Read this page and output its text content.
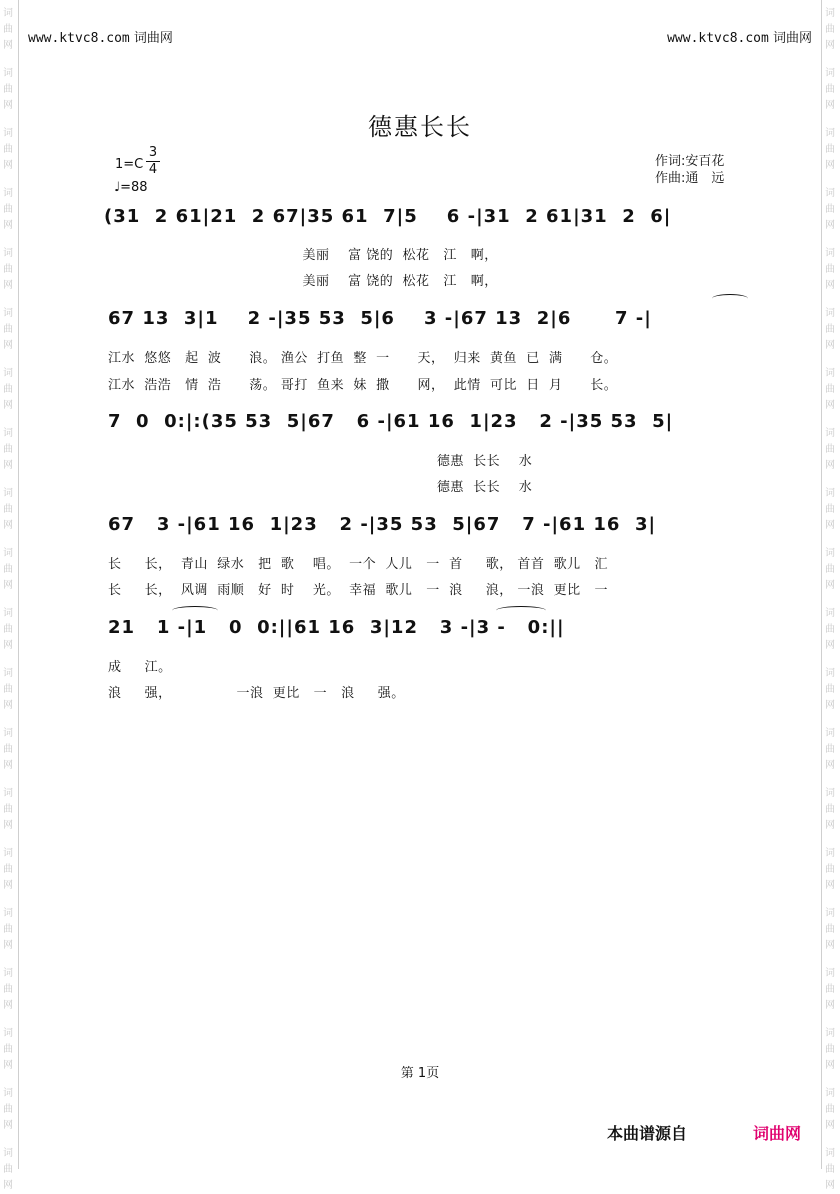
词
曲
网
词
曲
网
词
曲
网
词
曲
网
词
曲
网
词
曲
网
词
曲
网
词
曲
网
词
曲
网
词
曲
网
词
曲
网
词
曲
网
词
曲
网
词
曲
网
词
曲
网
词
曲
网
词
曲
网
词
曲
网
词
曲
网
词
曲
网
词
曲
网
词
曲
网
词
曲
网
词
曲
网
词
曲
网
词
曲
网
词
曲
网
词
曲
网
词
曲
网
词
曲
网
词
曲
网
词
曲
网
词
曲
网
词
曲
网
词
曲
网
词
曲
网
词
曲
网
词
曲
网
词
曲
网
词
曲
网
www.ktvc8.com 词曲网	www.ktvc8.com 词曲网
德惠长长
1=C
3
4
♩=88
作词:安百花
作曲:通　远
(31  2 61|21  2 67|35 61  7|5    6 -|31  2 61|31  2  6|
美丽    富 饶的  松花   江   啊，
美丽    富 饶的  松花   江   啊，
67 13  3|1    2 -|35 53  5|6    3 -|67 13  2|6      7 -|
江水  悠悠   起  波      浪。 渔公  打鱼  整  一      天，  归来  黄鱼  已  满      仓。
江水  浩浩   情  浩      荡。 哥打  鱼来  妹  撒      网，  此情  可比  日  月      长。
7  0  0:|:(35 53  5|67   6 -|61 16  1|23   2 -|35 53  5|
德惠  长长    水
德惠  长长    水
67   3 -|61 16  1|23   2 -|35 53  5|67   7 -|61 16  3|
长     长，  青山  绿水   把  歌    唱。  一个  人儿   一  首     歌， 首首  歌儿   汇
长     长，  风调  雨顺   好  时    光。  幸福  歌儿   一  浪     浪， 一浪  更比   一
21   1 -|1   0  0:||61 16  3|12   3 -|3 -   0:||
成     江。
浪     强，              一浪  更比   一   浪     强。
第 1页
本曲谱源自	词曲网
